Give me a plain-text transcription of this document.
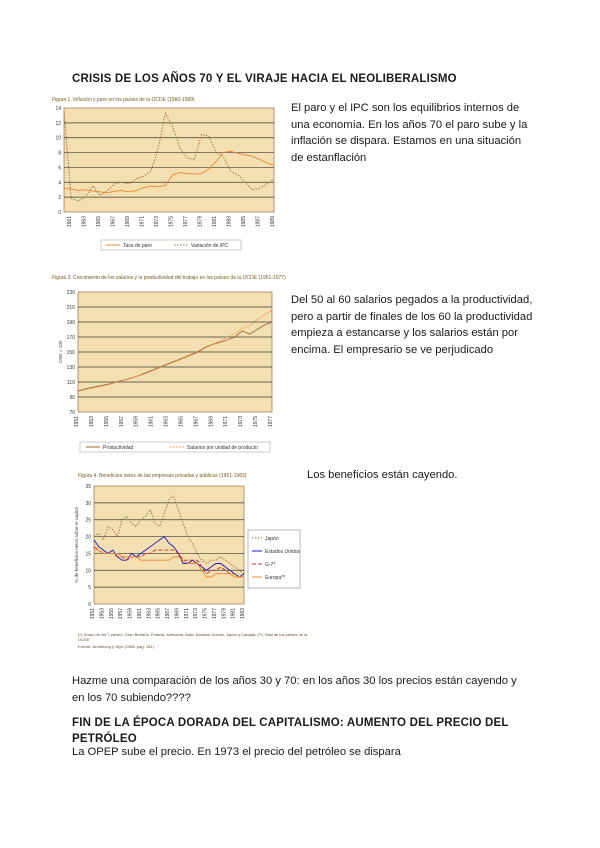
CRISIS DE LOS AÑOS 70 Y EL VIRAJE HACIA EL NEOLIBERALISMO
Figura 1. Inflación y paro en los países de la OCDE (1960-1989)
0
2
4
6
8
10
12
14
1961 1963 1965 1967 1969 1971 1973 1975 1977 1979 1981 1983 1985 1987 1989
Tasa de paro	Variación de IPC
El paro y el IPC son los equilibrios internos de una economía. En los años 70 el paro sube y la inflación se dispara. Estamos en una situación de estanflación
Figura 3. Crecimiento de los salarios y la productividad del trabajo en los países de la OCDE (1951-1977)
70
90
110
130
150
170
190
210
230
1951 1953 1955 1957 1959 1961 1963 1965 1967 1969 1971 1973 1975 1977
1955 = 100
Productividad	Salarios por unidad de producto
Del 50 al 60 salarios pegados a la productividad, pero a partir de finales de los 60 la productividad empieza a estancarse y los salarios están por encima. El empresario se ve perjudicado
Figura 4. Beneficios netos de las empresas privadas y públicas (1951-1983)
0
5
10
15
20
25
30
35
1951 1953 1955 1957 1959 1961 1963 1965 1967 1969 1971 1973 1975 1977 1979 1981 1983
% de beneficios netos sobre el capital	Japón
Estados Unidos
G-7*
Europa**
(*) Grupo de los 7 países: Gran Bretaña, Francia, Alemania, Italia, Estados Unidos, Japón y Canadá. (**) Total de los países de la OCDE
Fuente: Armstrong y Glyn (1986, pág. 154)
Los beneficios están cayendo.
Hazme una comparación de los años 30 y 70: en los años 30 los precios están cayendo y en los 70 subiendo????
FIN DE LA ÉPOCA DORADA DEL CAPITALISMO: AUMENTO DEL PRECIO DEL PETRÓLEO
La OPEP sube el precio. En 1973 el precio del petróleo se dispara
